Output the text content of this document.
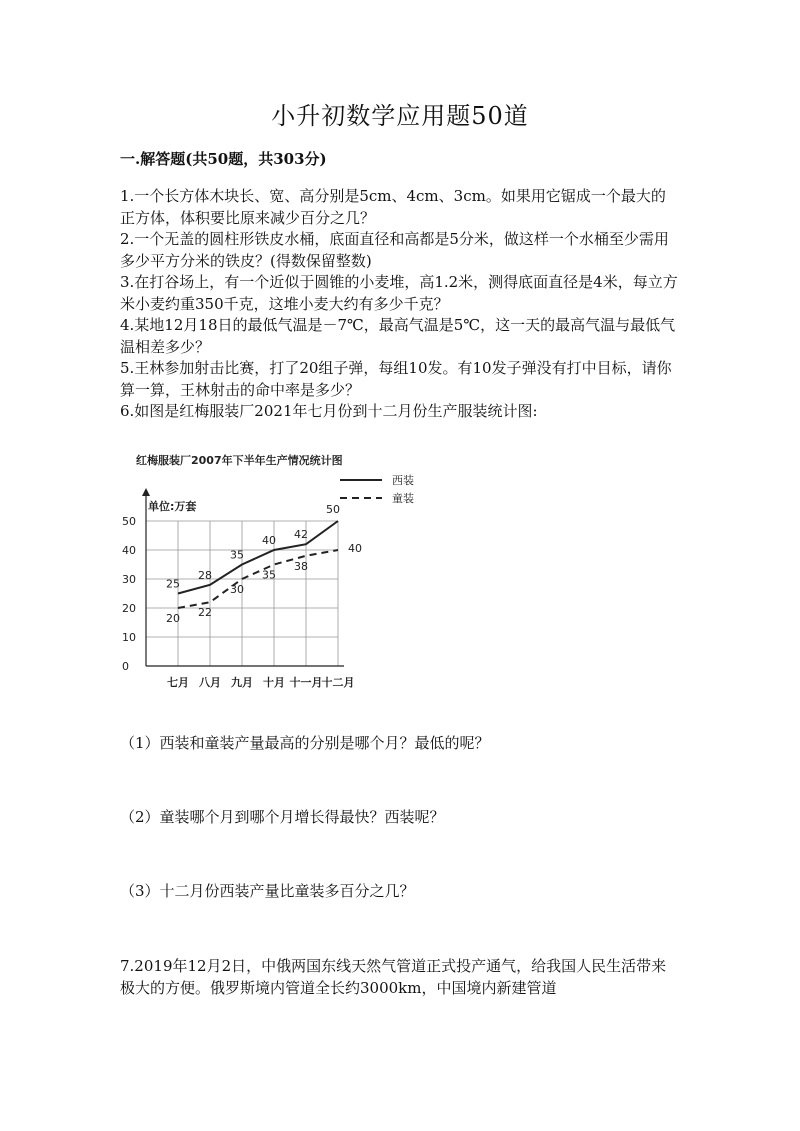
小升初数学应用题50道
一.解答题(共50题，共303分)

1.一个长方体木块长、宽、高分别是5cm、4cm、3cm。如果用它锯成一个最大的正方体，体积要比原来减少百分之几？

2.一个无盖的圆柱形铁皮水桶，底面直径和高都是5分米，做这样一个水桶至少需用多少平方分米的铁皮？(得数保留整数)

3.在打谷场上，有一个近似于圆锥的小麦堆，高1.2米，测得底面直径是4米，每立方米小麦约重350千克，这堆小麦大约有多少千克？

4.某地12月18日的最低气温是－7℃，最高气温是5℃，这一天的最高气温与最低气温相差多少？

5.王林参加射击比赛，打了20组子弹，每组10发。有10发子弹没有打中目标，请你算一算，王林射击的命中率是多少？

6.如图是红梅服装厂2021年七月份到十二月份生产服装统计图:

红梅服装厂2007年下半年生产情况统计图
单位:万套
西装
童装
0
10
20
30
40
50
七月 八月 九月 十月 十一月 十二月
25
28
35
40 42
50
20 22
30
35
38
40
（1）西装和童装产量最高的分别是哪个月？最低的呢？
（2）童装哪个月到哪个月增长得最快？西装呢？
（3）十二月份西装产量比童装多百分之几？
7.2019年12月2日，中俄两国东线天然气管道正式投产通气，给我国人民生活带来极大的方便。俄罗斯境内管道全长约3000km，中国境内新建管道
